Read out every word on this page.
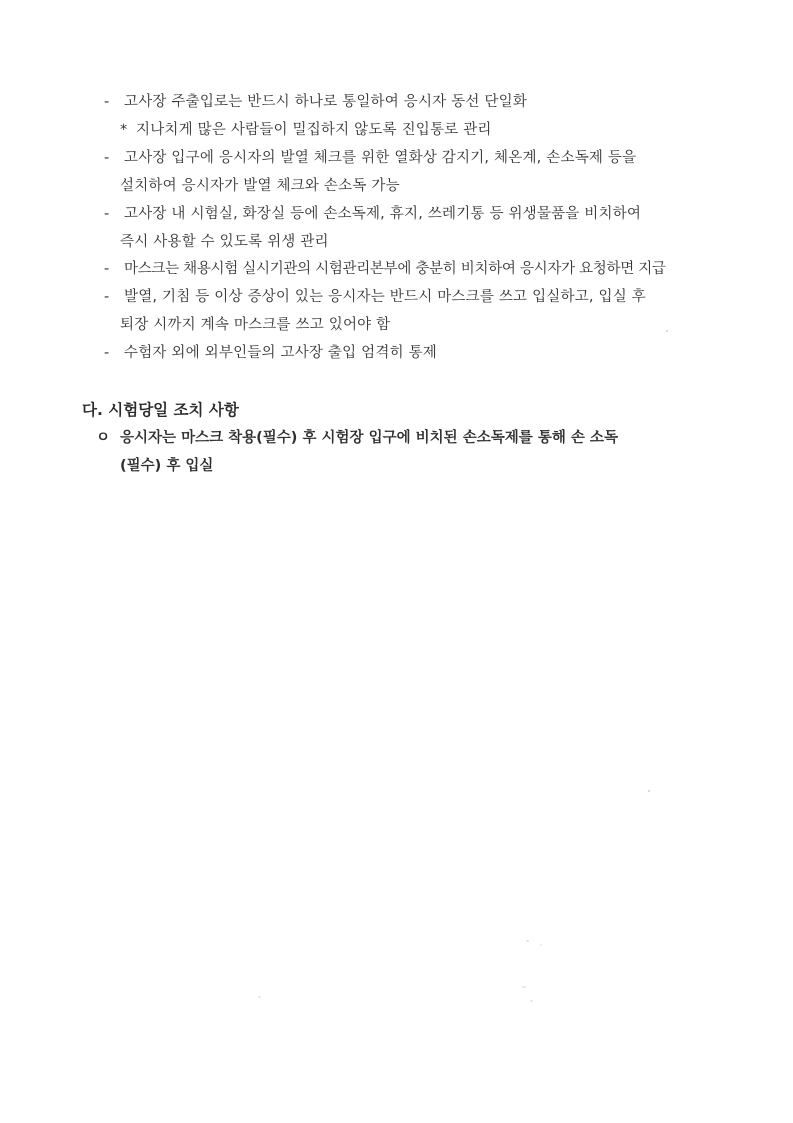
- 고사장 주출입로는 반드시 하나로 통일하여 응시자 동선 단일화
* 지나치게 많은 사람들이 밀집하지 않도록 진입통로 관리
- 고사장 입구에 응시자의 발열 체크를 위한 열화상 감지기, 체온계, 손소독제 등을
설치하여 응시자가 발열 체크와 손소독 가능
- 고사장 내 시험실, 화장실 등에 손소독제, 휴지, 쓰레기통 등 위생물품을 비치하여
즉시 사용할 수 있도록 위생 관리
- 마스크는 채용시험 실시기관의 시험관리본부에 충분히 비치하여 응시자가 요청하면 지급
- 발열, 기침 등 이상 증상이 있는 응시자는 반드시 마스크를 쓰고 입실하고, 입실 후
퇴장 시까지 계속 마스크를 쓰고 있어야 함
- 수험자 외에 외부인들의 고사장 출입 엄격히 통제
다. 시험당일 조치 사항
ㅇ 응시자는 마스크 착용(필수) 후 시험장 입구에 비치된 손소독제를 통해 손 소독
(필수) 후 입실
